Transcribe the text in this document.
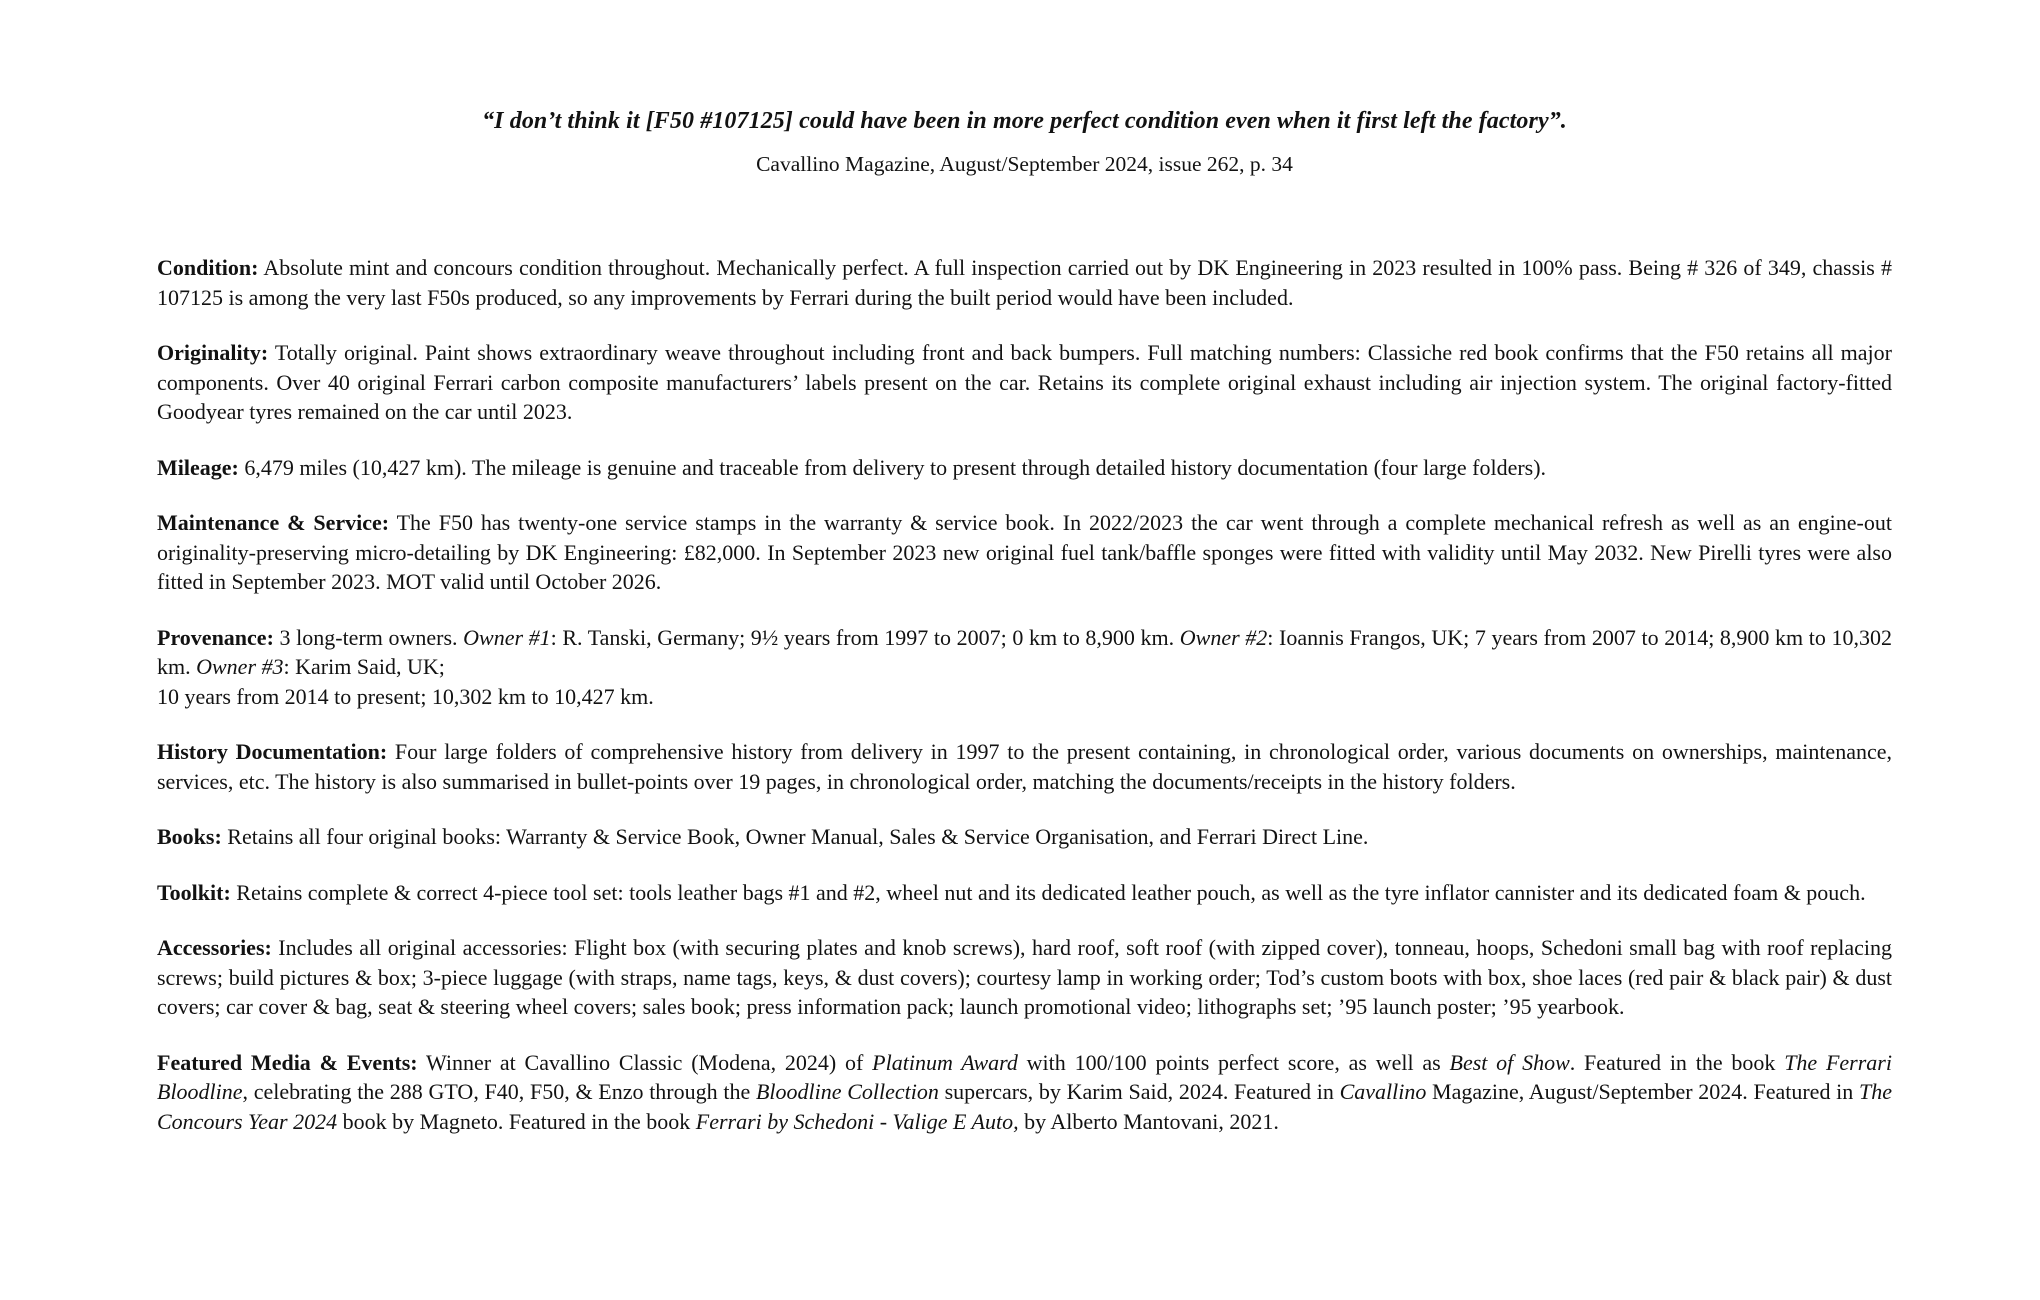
“I don’t think it [F50 #107125] could have been in more perfect condition even when it first left the factory”.

Cavallino Magazine, August/September 2024, issue 262, p. 34

Condition: Absolute mint and concours condition throughout. Mechanically perfect. A full inspection carried out by DK Engineering in 2023 resulted in 100% pass. Being # 326 of 349, chassis # 107125 is among the very last F50s produced, so any improvements by Ferrari during the built period would have been included.

Originality: Totally original. Paint shows extraordinary weave throughout including front and back bumpers. Full matching numbers: Classiche red book confirms that the F50 retains all major components. Over 40 original Ferrari carbon composite manufacturers’ labels present on the car. Retains its complete original exhaust including air injection system. The original factory-fitted Goodyear tyres remained on the car until 2023.

Mileage: 6,479 miles (10,427 km). The mileage is genuine and traceable from delivery to present through detailed history documentation (four large folders).

Maintenance & Service: The F50 has twenty-one service stamps in the warranty & service book. In 2022/2023 the car went through a complete mechanical refresh as well as an engine-out originality-preserving micro-detailing by DK Engineering: £82,000. In September 2023 new original fuel tank/baffle sponges were fitted with validity until May 2032. New Pirelli tyres were also fitted in September 2023. MOT valid until October 2026.

Provenance: 3 long-term owners. Owner #1: R. Tanski, Germany; 9½ years from 1997 to 2007; 0 km to 8,900 km. Owner #2: Ioannis Frangos, UK; 7 years from 2007 to 2014; 8,900 km to 10,302 km. Owner #3: Karim Said, UK;
10 years from 2014 to present; 10,302 km to 10,427 km.

History Documentation: Four large folders of comprehensive history from delivery in 1997 to the present containing, in chronological order, various documents on ownerships, maintenance, services, etc. The history is also summarised in bullet-points over 19 pages, in chronological order, matching the documents/receipts in the history folders.

Books: Retains all four original books: Warranty & Service Book, Owner Manual, Sales & Service Organisation, and Ferrari Direct Line.

Toolkit: Retains complete & correct 4-piece tool set: tools leather bags #1 and #2, wheel nut and its dedicated leather pouch, as well as the tyre inflator cannister and its dedicated foam & pouch.

Accessories: Includes all original accessories: Flight box (with securing plates and knob screws), hard roof, soft roof (with zipped cover), tonneau, hoops, Schedoni small bag with roof replacing screws; build pictures & box; 3-piece luggage (with straps, name tags, keys, & dust covers); courtesy lamp in working order; Tod’s custom boots with box, shoe laces (red pair & black pair) & dust covers; car cover & bag, seat & steering wheel covers; sales book; press information pack; launch promotional video; lithographs set; ’95 launch poster; ’95 yearbook.

Featured Media & Events: Winner at Cavallino Classic (Modena, 2024) of Platinum Award with 100/100 points perfect score, as well as Best of Show. Featured in the book The Ferrari Bloodline, celebrating the 288 GTO, F40, F50, & Enzo through the Bloodline Collection supercars, by Karim Said, 2024. Featured in Cavallino Magazine, August/September 2024. Featured in The Concours Year 2024 book by Magneto. Featured in the book Ferrari by Schedoni - Valige E Auto, by Alberto Mantovani, 2021.
